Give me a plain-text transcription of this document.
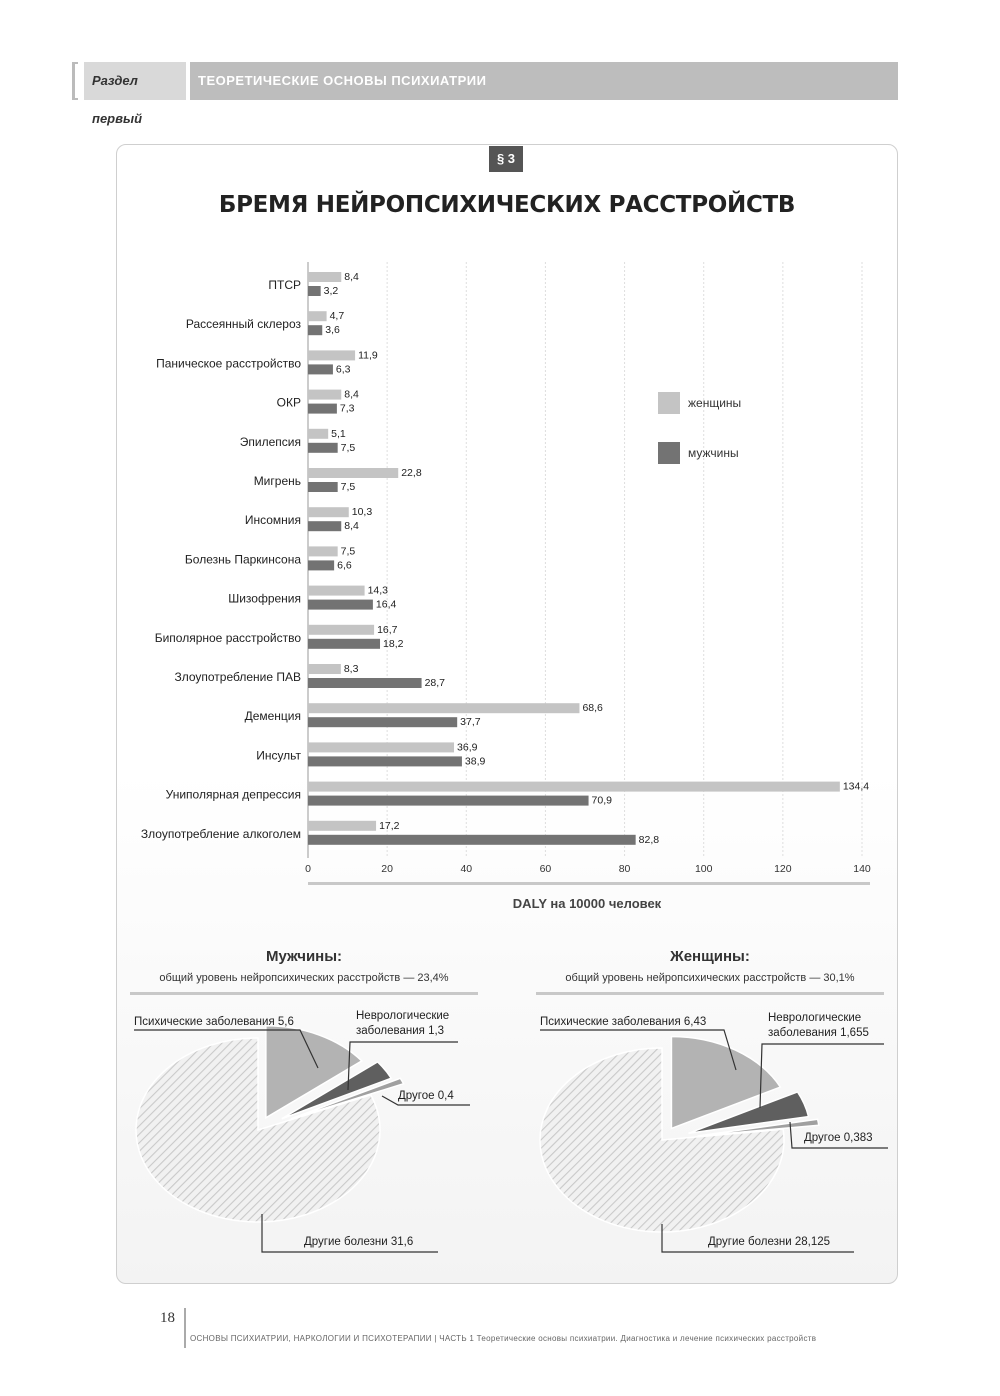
Раздел первый
ТЕОРЕТИЧЕСКИЕ ОСНОВЫ ПСИХИАТРИИ
§ 3
БРЕМЯ НЕЙРОПСИХИЧЕСКИХ РАССТРОЙСТВ
ПТСР
8,4
3,2
Рассеянный склероз
4,7
3,6
Паническое расстройство
11,9
6,3
ОКР
8,4
7,3
Эпилепсия
5,1
7,5
Мигрень
22,8
7,5
Инсомния
10,3
8,4
Болезнь Паркинсона
7,5
6,6
Шизофрения
14,3
16,4
Биполярное расстройство
16,7
18,2
Злоупотребление ПАВ
8,3
28,7
Деменция
68,6
37,7
Инсульт
36,9
38,9
Униполярная депрессия
134,4
70,9
Злоупотребление алкоголем
17,2
82,8
0	20	40	60	80	100	120	140
женщины
мужчины
DALY на 10000 человек
Мужчины:
общий уровень нейропсихических расстройств — 23,4%
Женщины:
общий уровень нейропсихических расстройств — 30,1%
Психические заболевания 5,6	Неврологические
заболевания 1,3
Другое 0,4
Другие болезни 31,6
Психические заболевания 6,43	Неврологические
заболевания 1,655
Другое 0,383
Другие болезни 28,125
18
ОСНОВЫ ПСИХИАТРИИ, НАРКОЛОГИИ И ПСИХОТЕРАПИИ | ЧАСТЬ 1 Теоретические основы психиатрии. Диагностика и лечение психических расстройств
